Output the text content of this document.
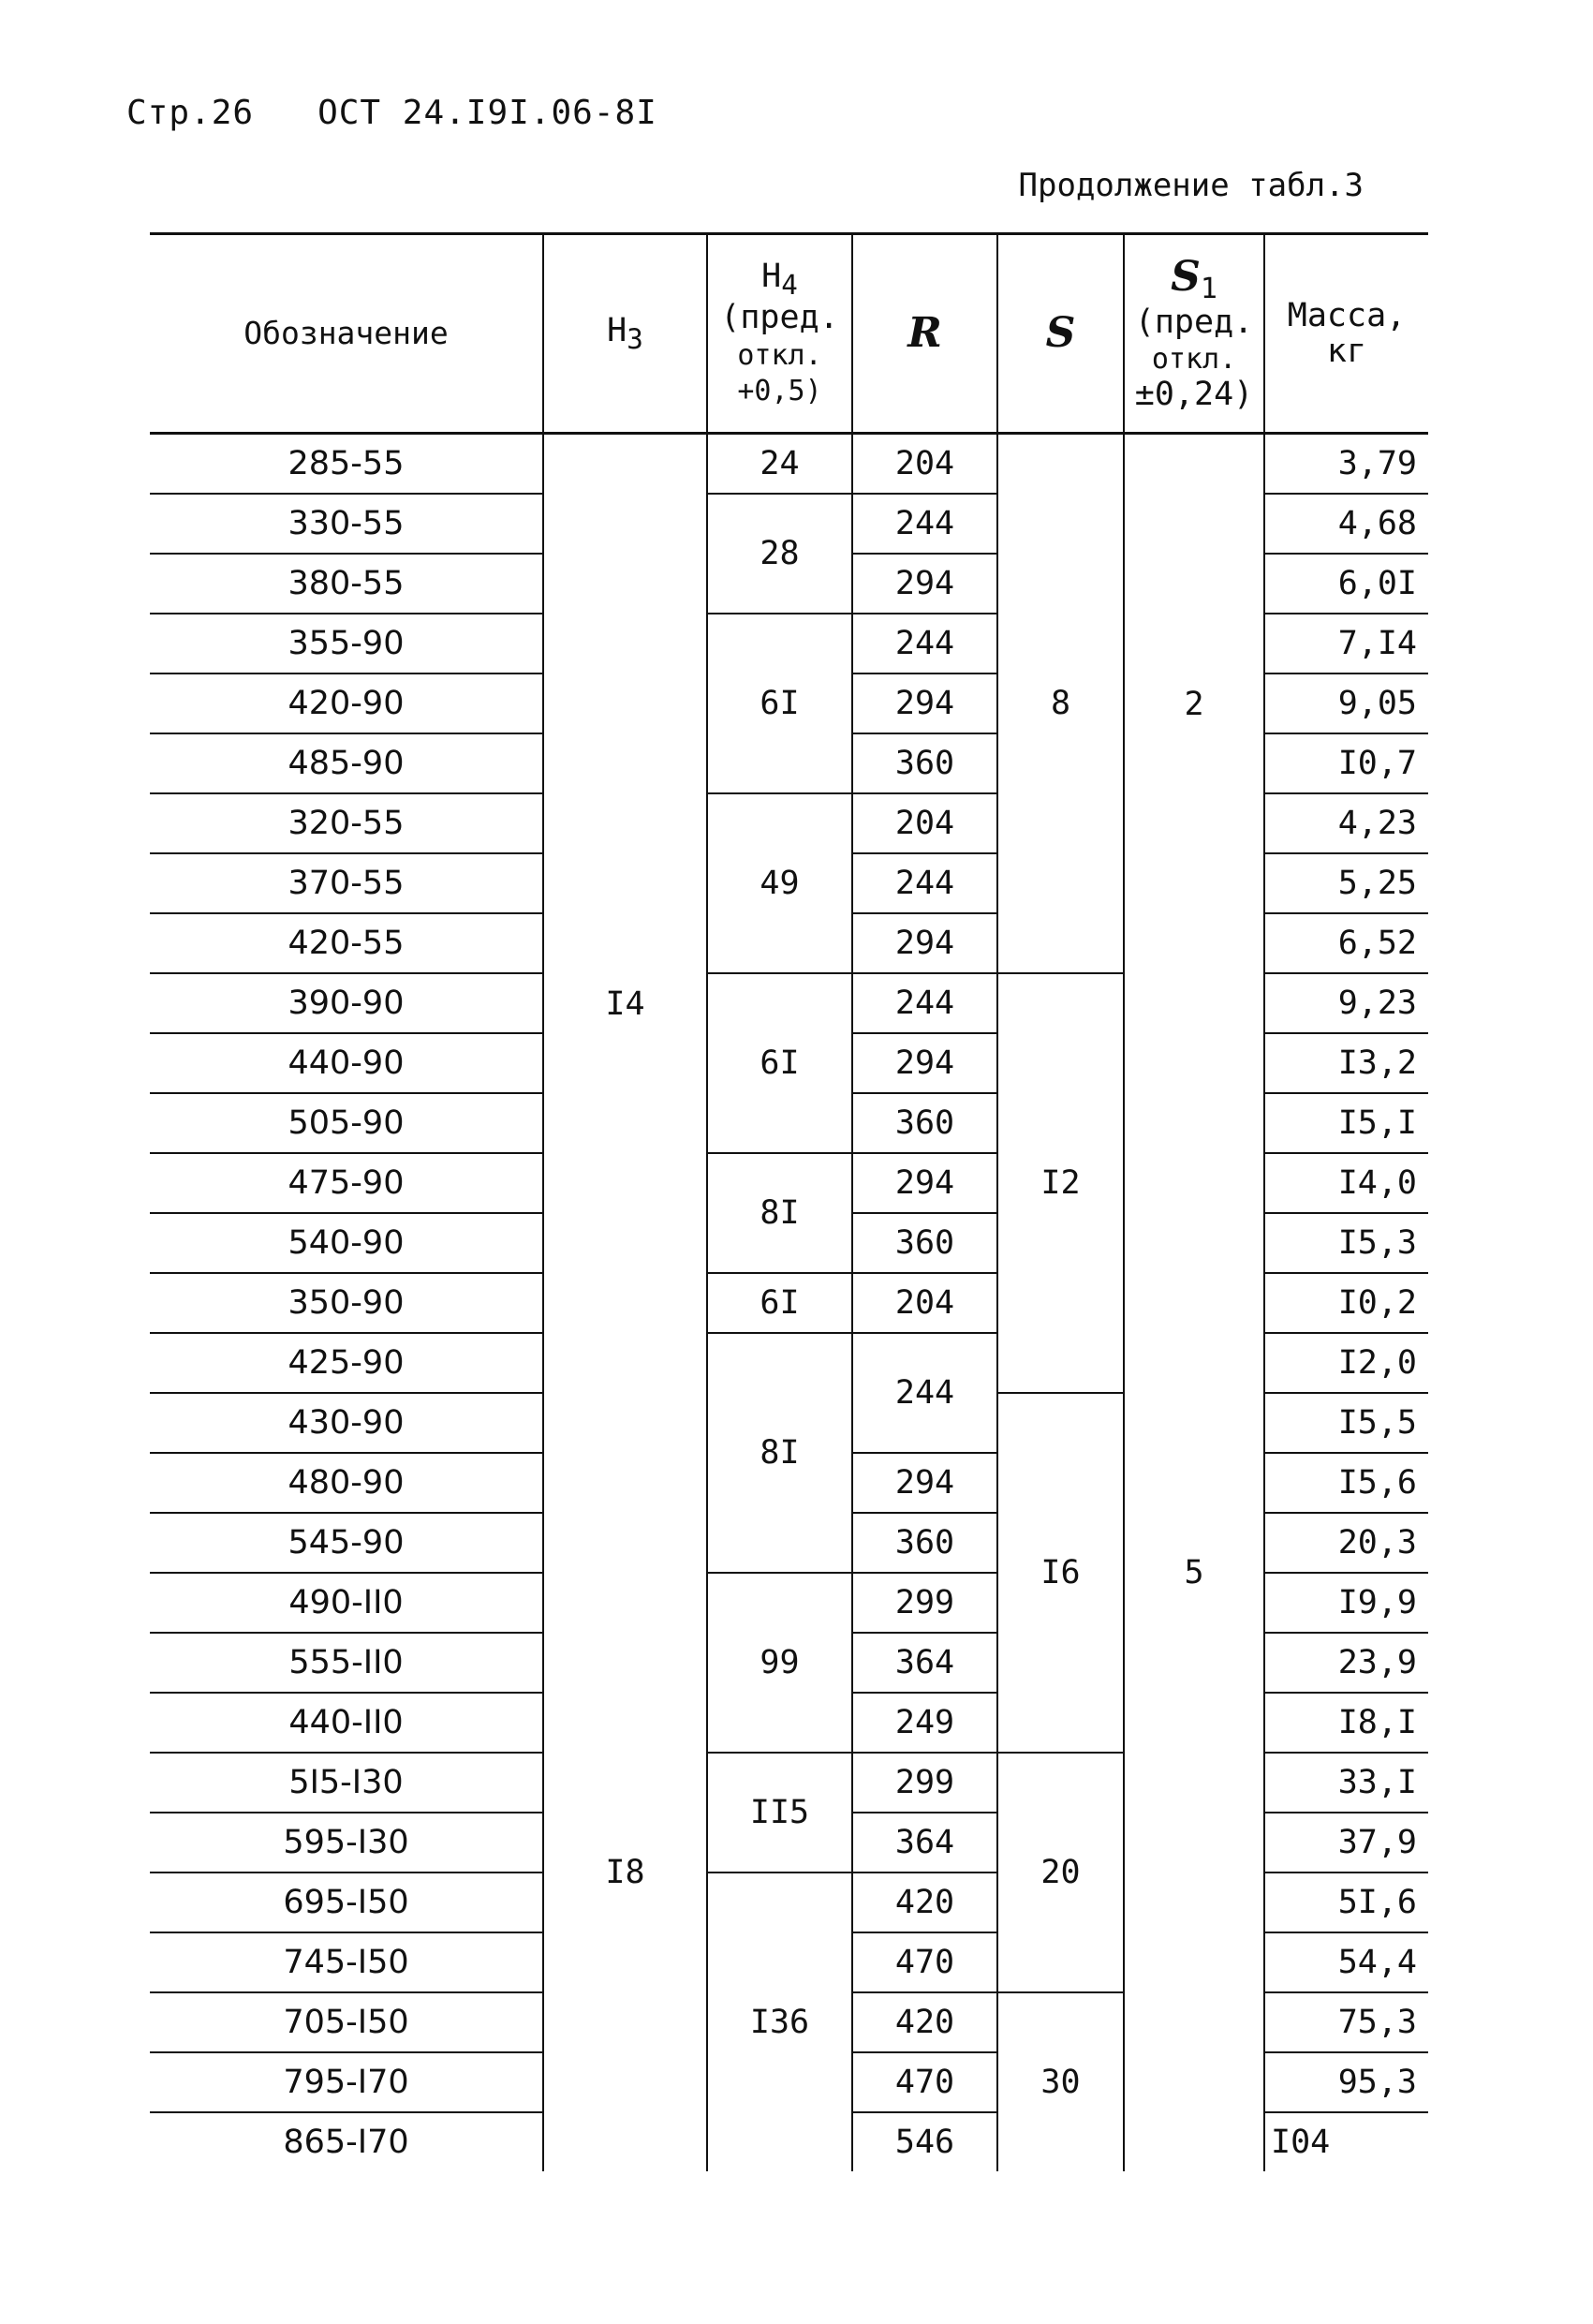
Стр.26 ОСТ 24.I9I.06-8I
Продолжение табл.3
Обозначение	$H_3$	$H_4$
(пред.
откл.
+0,5)	R	S	$S_1$
(пред.
откл.
±0,24)	Масса,
кг
285-55	I4	24	204	8	2	3,79
330-55		28	244			4,68
380-55			294			6,0I
355-90		6I	244			7,I4
420-90			294			9,05
485-90			360			I0,7
320-55		49	204			4,23
370-55			244			5,25
420-55			294			6,52
390-90		6I	244	I2	5	9,23
440-90			294			I3,2
505-90			360			I5,I
475-90		8I	294			I4,0
540-90			360			I5,3
350-90		6I	204			I0,2
425-90		8I	244			I2,0
430-90				I6		I5,5
480-90			294			I5,6
545-90			360			20,3
490-II0	I8	99	299			I9,9
555-II0			364			23,9
440-II0			249			I8,I
5I5-I30		II5	299	20		33,I
595-I30			364			37,9
695-I50		I36	420			5I,6
745-I50			470			54,4
705-I50			420	30		75,3
795-I70			470			95,3
865-I70			546			I04
